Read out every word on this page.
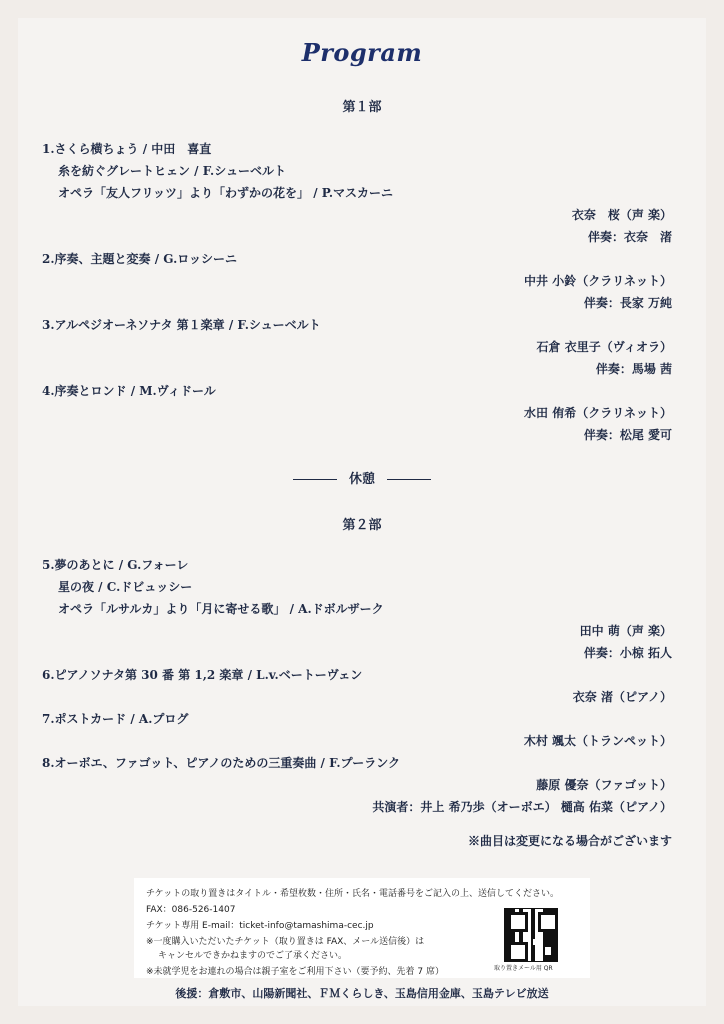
Program
第１部
1.さくら横ちょう / 中田　喜直
糸を紡ぐグレートヒェン / F.シューベルト
オペラ「友人フリッツ」より「わずかの花を」 / P.マスカーニ
衣奈　桜（声 楽）
伴奏：衣奈　渚
2.序奏、主題と変奏 / G.ロッシーニ
中井 小鈴（クラリネット）
伴奏：長家 万純
3.アルペジオーネソナタ 第１楽章 / F.シューベルト
石倉 衣里子（ヴィオラ）
伴奏：馬場 茜
4.序奏とロンド / M.ヴィドール
水田 侑希（クラリネット）
伴奏：松尾 愛可
休憩
第２部
5.夢のあとに / G.フォーレ
星の夜 / C.ドビュッシー
オペラ「ルサルカ」より「月に寄せる歌」 / A.ドボルザーク
田中 萌（声 楽）
伴奏：小椋 拓人
6.ピアノソナタ第 30 番 第 1,2 楽章 / L.v.ベートーヴェン
衣奈 渚（ピアノ）
7.ポストカード / A.プログ
木村 颯太（トランペット）
8.オーボエ、ファゴット、ピアノのための三重奏曲 / F.プーランク
藤原 優奈（ファゴット）
共演者：井上 希乃歩（オーボエ） 樋高 佑菜（ピアノ）
※曲目は変更になる場合がございます
チケットの取り置きはタイトル・希望枚数・住所・氏名・電話番号をご記入の上、送信してください。
FAX：086-526-1407
チケット専用 E-mail：ticket-info@tamashima-cec.jp
※一度購入いただいたチケット（取り置きは FAX、メール送信後）は
キャンセルできかねますのでご了承ください。
※未就学児をお連れの場合は親子室をご利用下さい（要予約、先着 7 席）	取り置きメール用 QR
後援：倉敷市、山陽新聞社、ＦＭくらしき、玉島信用金庫、玉島テレビ放送
